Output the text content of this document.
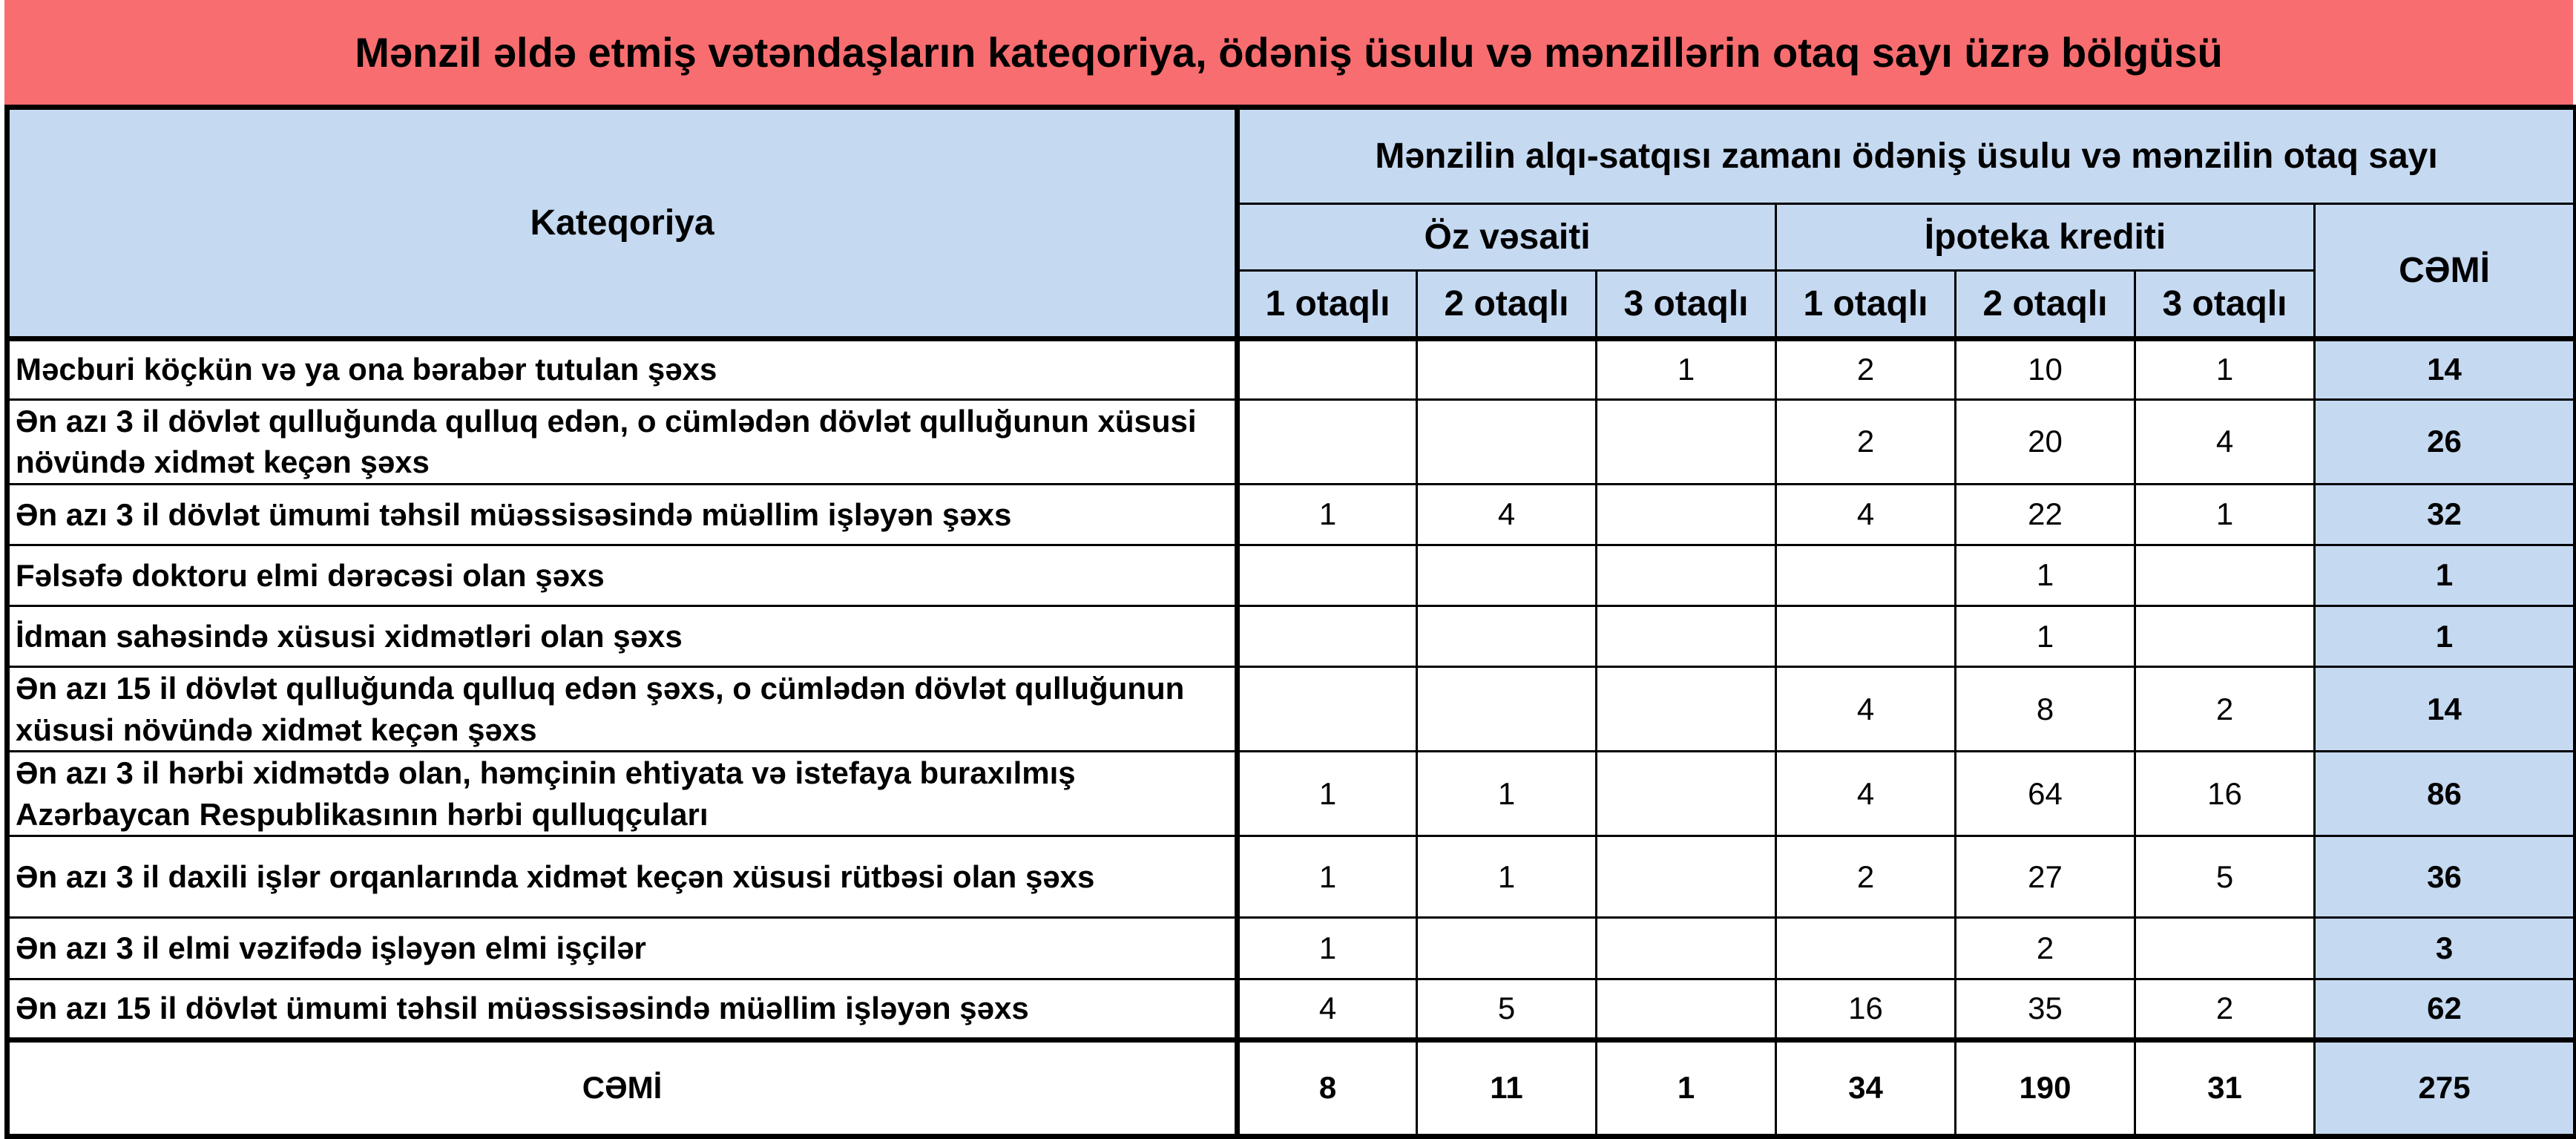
Mənzil əldə etmiş vətəndaşların kateqoriya, ödəniş üsulu və mənzillərin otaq sayı üzrə bölgüsü
Kateqoriya	Mənzilin alqı-satqısı zamanı ödəniş üsulu və mənzilin otaq sayı						
	Öz vəsaiti			İpoteka krediti			CƏMİ
	1 otaqlı	2 otaqlı	3 otaqlı	1 otaqlı	2 otaqlı	3 otaqlı	
Məcburi köçkün və ya ona bərabər tutulan şəxs			1	2	10	1	14
Ən azı 3 il dövlət qulluğunda qulluq edən, o cümlədən dövlət qulluğunun xüsusi növündə xidmət keçən şəxs				2	20	4	26
Ən azı 3 il dövlət ümumi təhsil müəssisəsində müəllim işləyən şəxs	1	4		4	22	1	32
Fəlsəfə doktoru elmi dərəcəsi olan şəxs					1		1
İdman sahəsində xüsusi xidmətləri olan şəxs					1		1
Ən azı 15 il dövlət qulluğunda qulluq edən şəxs, o cümlədən dövlət qulluğunun xüsusi növündə xidmət keçən şəxs				4	8	2	14
Ən azı 3 il hərbi xidmətdə olan, həmçinin ehtiyata və istefaya buraxılmış Azərbaycan Respublikasının hərbi qulluqçuları	1	1		4	64	16	86
Ən azı 3 il daxili işlər orqanlarında xidmət keçən xüsusi rütbəsi olan şəxs	1	1		2	27	5	36
Ən azı 3 il elmi vəzifədə işləyən elmi işçilər	1				2		3
Ən azı 15 il dövlət ümumi təhsil müəssisəsində müəllim işləyən şəxs	4	5		16	35	2	62
CƏMİ	8	11	1	34	190	31	275
